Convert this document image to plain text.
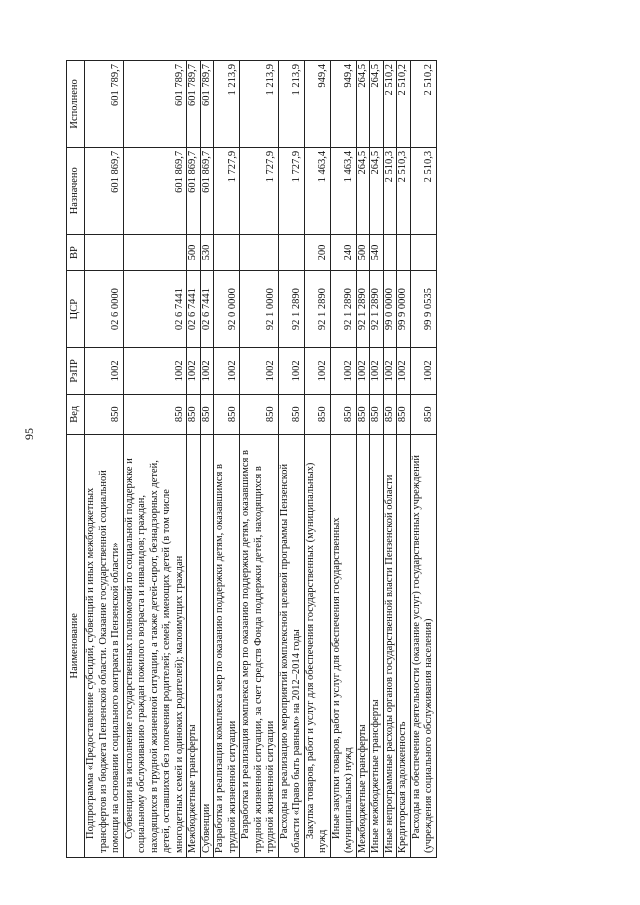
95
Наименование	Вед	РзПР	ЦСР	ВР	Назначено	Исполнено
Подпрограмма «Предоставление субсидий, субвенций и иных межбюджетных трансфертов из бюджета Пензенской области. Оказание государственной социальной помощи на основании социального контракта в Пензенской области»	850	1002	02 6 0000		601 869,7	601 789,7
Субвенции на исполнение государственных полномочий по социальной поддержке и социальному обслуживанию граждан пожилого возраста и инвалидов; граждан, находящихся в трудной жизненной ситуации, а также детей-сирот, безнадзорных детей, детей, оставшихся без попечения родителей; семей, имеющих детей (в том числе многодетных семей и одиноких родителей); малоимущих граждан	850	1002	02 6 7441		601 869,7	601 789,7
Межбюджетные трансферты	850	1002	02 6 7441	500	601 869,7	601 789,7
Субвенции	850	1002	02 6 7441	530	601 869,7	601 789,7
Разработка и реализация комплекса мер по оказанию поддержки детям, оказавшимся в трудной жизненной ситуации	850	1002	92 0 0000		1 727,9	1 213,9
Разработка и реализация комплекса мер по оказанию поддержки детям, оказавшимся в трудной жизненной ситуации, за счет средств Фонда поддержки детей, находящихся в трудной жизненной ситуации	850	1002	92 1 0000		1 727,9	1 213,9
Расходы на реализацию мероприятий комплексной целевой программы Пензенской области «Право быть равным» на 2012–2014 годы	850	1002	92 1 2890		1 727,9	1 213,9
Закупка товаров, работ и услуг для обеспечения государственных (муниципальных) нужд	850	1002	92 1 2890	200	1 463,4	949,4
Иные закупки товаров, работ и услуг для обеспечения государственных (муниципальных) нужд	850	1002	92 1 2890	240	1 463,4	949,4
Межбюджетные трансферты	850	1002	92 1 2890	500	264,5	264,5
Иные межбюджетные трансферты	850	1002	92 1 2890	540	264,5	264,5
Иные непрограммные расходы органов государственной власти Пензенской области	850	1002	99 0 0000		2 510,3	2 510,2
Кредиторская задолженность	850	1002	99 9 0000		2 510,3	2 510,2
Расходы на обеспечение деятельности (оказание услуг) государственных учреждений (учреждения социального обслуживания населения)	850	1002	99 9 0535		2 510,3	2 510,2
